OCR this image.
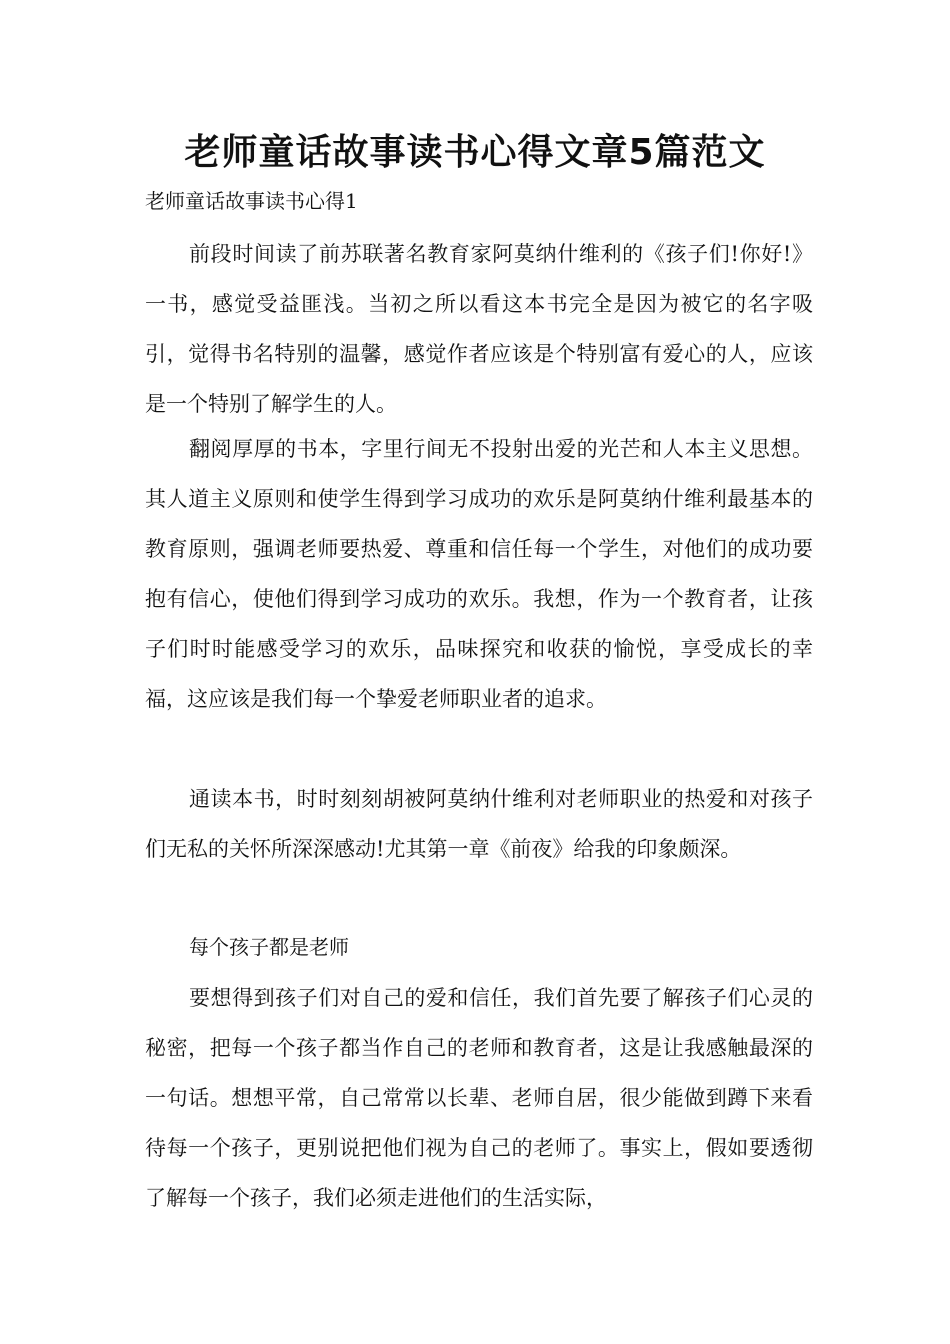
老师童话故事读书心得文章5篇范文

老师童话故事读书心得1

前段时间读了前苏联著名教育家阿莫纳什维利的《孩子们!你好!》一书，感觉受益匪浅。当初之所以看这本书完全是因为被它的名字吸引，觉得书名特别的温馨，感觉作者应该是个特别富有爱心的人，应该是一个特别了解学生的人。

翻阅厚厚的书本，字里行间无不投射出爱的光芒和人本主义思想。其人道主义原则和使学生得到学习成功的欢乐是阿莫纳什维利最基本的教育原则，强调老师要热爱、尊重和信任每一个学生，对他们的成功要抱有信心，使他们得到学习成功的欢乐。我想，作为一个教育者，让孩子们时时能感受学习的欢乐，品味探究和收获的愉悦，享受成长的幸福，这应该是我们每一个挚爱老师职业者的追求。

通读本书，时时刻刻胡被阿莫纳什维利对老师职业的热爱和对孩子们无私的关怀所深深感动!尤其第一章《前夜》给我的印象颇深。

每个孩子都是老师

要想得到孩子们对自己的爱和信任，我们首先要了解孩子们心灵的秘密，把每一个孩子都当作自己的老师和教育者，这是让我感触最深的一句话。想想平常，自己常常以长辈、老师自居，很少能做到蹲下来看待每一个孩子，更别说把他们视为自己的老师了。事实上，假如要透彻了解每一个孩子，我们必须走进他们的生活实际，
